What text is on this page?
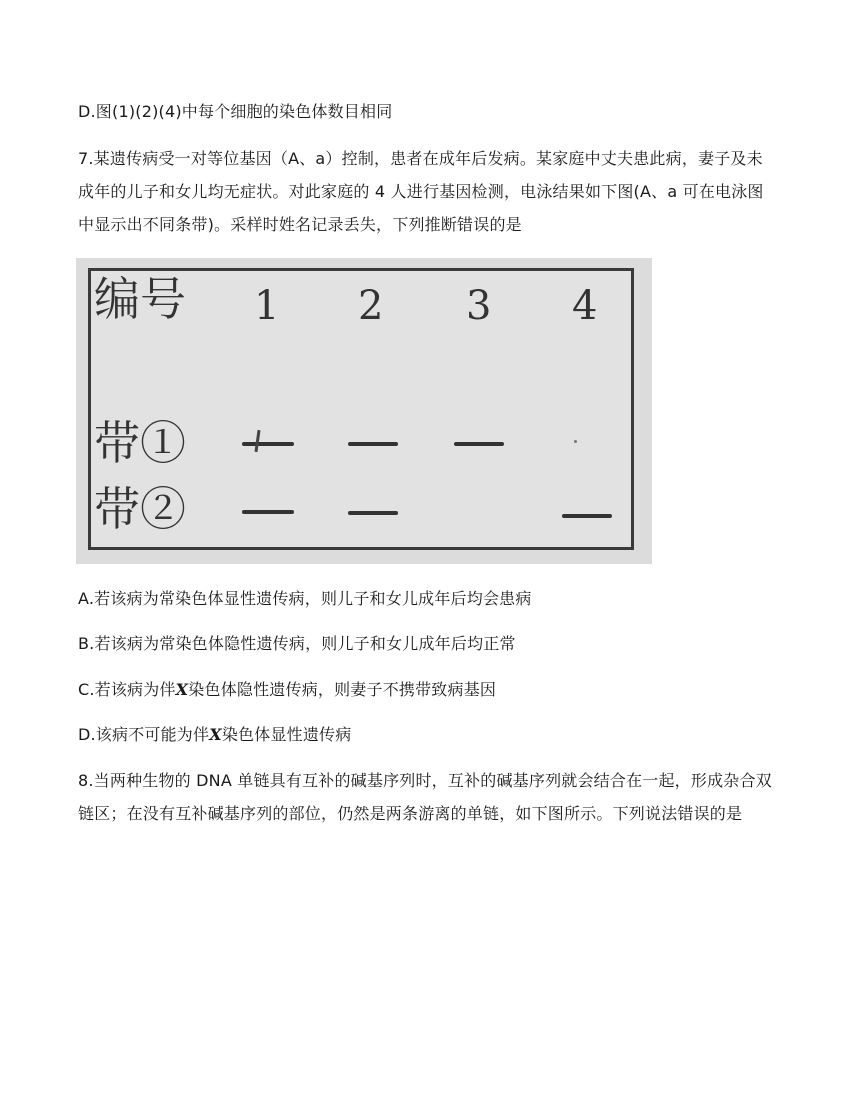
D.图(1)(2)(4)中每个细胞的染色体数目相同
7.某遗传病受一对等位基因（A、a）控制，患者在成年后发病。某家庭中丈夫患此病，妻子及未
成年的儿子和女儿均无症状。对此家庭的 4 人进行基因检测，电泳结果如下图(A、a 可在电泳图
中显示出不同条带)。采样时姓名记录丢失，下列推断错误的是
编号 1 2 3 4
带①
带②
A.若该病为常染色体显性遗传病，则儿子和女儿成年后均会患病
B.若该病为常染色体隐性遗传病，则儿子和女儿成年后均正常
C.若该病为伴X染色体隐性遗传病，则妻子不携带致病基因
D.该病不可能为伴X染色体显性遗传病
8.当两种生物的 DNA 单链具有互补的碱基序列时，互补的碱基序列就会结合在一起，形成杂合双
链区；在没有互补碱基序列的部位，仍然是两条游离的单链，如下图所示。下列说法错误的是
